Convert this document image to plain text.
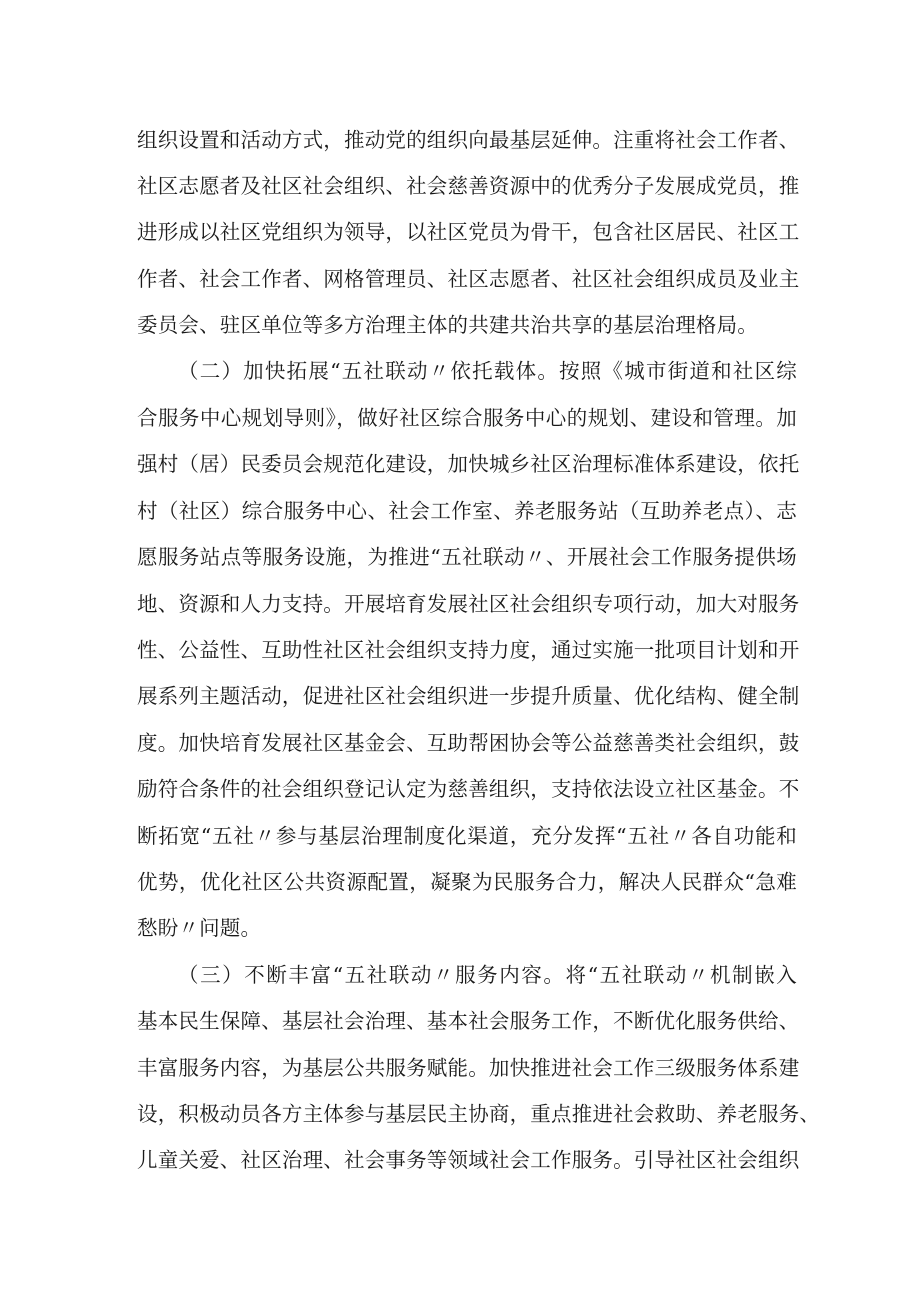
组织设置和活动方式，推动党的组织向最基层延伸。注重将社会工作者、

社区志愿者及社区社会组织、社会慈善资源中的优秀分子发展成党员，推

进形成以社区党组织为领导，以社区党员为骨干，包含社区居民、社区工

作者、社会工作者、网格管理员、社区志愿者、社区社会组织成员及业主

委员会、驻区单位等多方治理主体的共建共治共享的基层治理格局。

（二）加快拓展“五社联动〃依托载体。按照《城市街道和社区综

合服务中心规划导则》，做好社区综合服务中心的规划、建设和管理。加

强村（居）民委员会规范化建设，加快城乡社区治理标准体系建设，依托

村（社区）综合服务中心、社会工作室、养老服务站（互助养老点）、志

愿服务站点等服务设施，为推进“五社联动〃、开展社会工作服务提供场

地、资源和人力支持。开展培育发展社区社会组织专项行动，加大对服务

性、公益性、互助性社区社会组织支持力度，通过实施一批项目计划和开

展系列主题活动，促进社区社会组织进一步提升质量、优化结构、健全制

度。加快培育发展社区基金会、互助帮困协会等公益慈善类社会组织，鼓

励符合条件的社会组织登记认定为慈善组织，支持依法设立社区基金。不

断拓宽“五社〃参与基层治理制度化渠道，充分发挥“五社〃各自功能和

优势，优化社区公共资源配置，凝聚为民服务合力，解决人民群众“急难

愁盼〃问题。

（三）不断丰富“五社联动〃服务内容。将“五社联动〃机制嵌入

基本民生保障、基层社会治理、基本社会服务工作，不断优化服务供给、

丰富服务内容，为基层公共服务赋能。加快推进社会工作三级服务体系建

设，积极动员各方主体参与基层民主协商，重点推进社会救助、养老服务、

儿童关爱、社区治理、社会事务等领域社会工作服务。引导社区社会组织
